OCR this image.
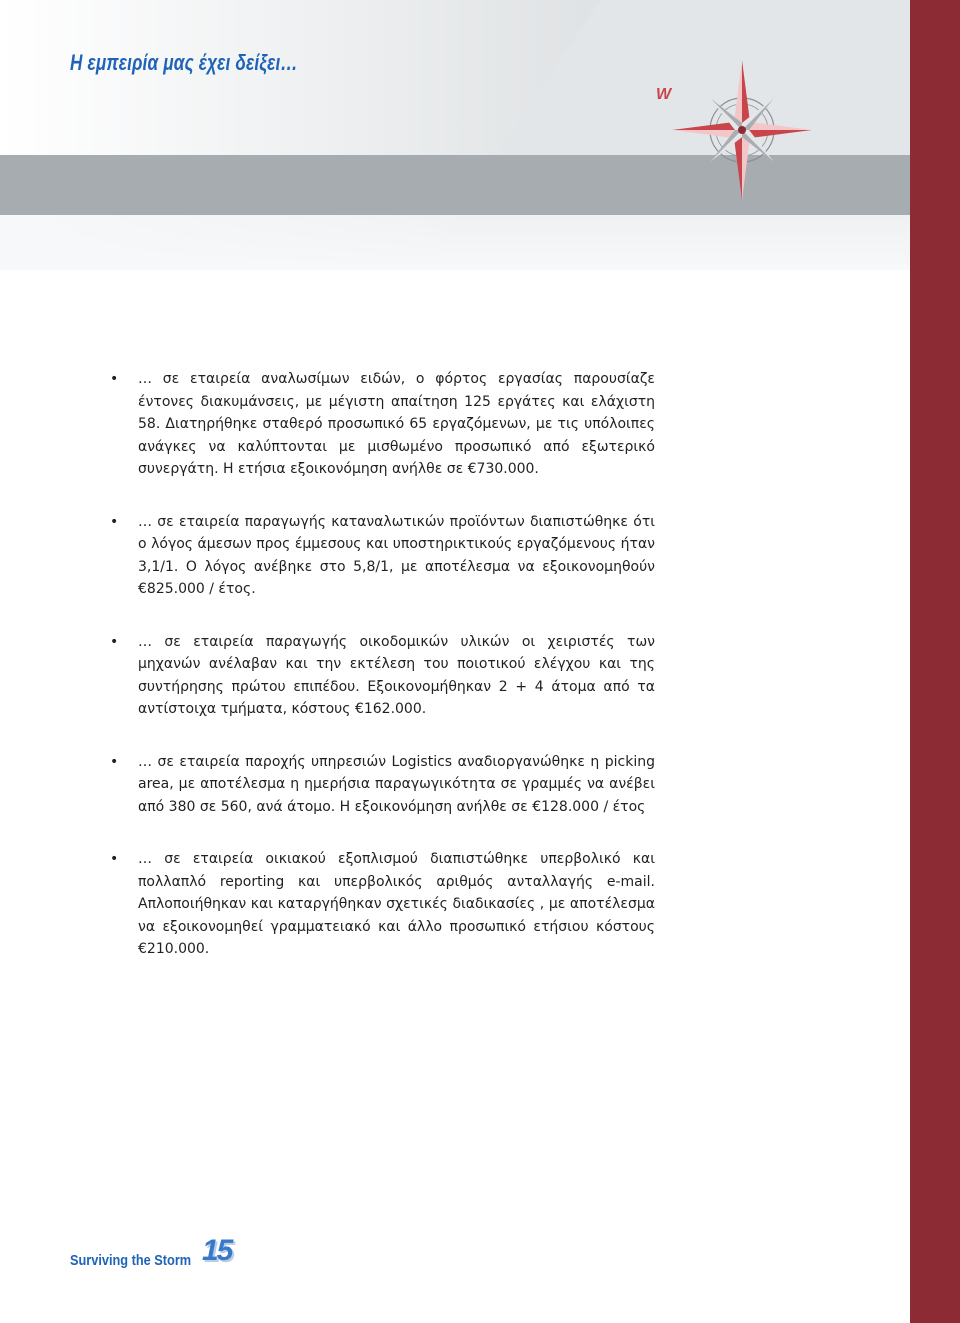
Η εμπειρία μας έχει δείξει…
W
• … σε εταιρεία αναλωσίμων ειδών, ο φόρτος εργασίας παρουσίαζε έντονες διακυμάνσεις, με μέγιστη απαίτηση 125 εργάτες και ελάχιστη 58. Διατηρήθηκε σταθερό προσωπικό 65 εργαζόμενων, με τις υπόλοιπες ανάγκες να καλύπτονται με μισθωμένο προσωπικό από εξωτερικό συνεργάτη. Η ετήσια εξοικονόμηση ανήλθε σε €730.000.
• … σε εταιρεία παραγωγής καταναλωτικών προϊόντων διαπιστώθηκε ότι ο λόγος άμεσων προς έμμεσους και υποστηρικτικούς εργαζόμενους ήταν 3,1/1. Ο λόγος ανέβηκε στο 5,8/1, με αποτέλεσμα να εξοικονομηθούν €825.000 / έτος.
• … σε εταιρεία παραγωγής οικοδομικών υλικών οι χειριστές των μηχανών ανέλαβαν και την εκτέλεση του ποιοτικού ελέγχου και της συντήρησης πρώτου επιπέδου. Εξοικονομήθηκαν 2 + 4 άτομα από τα αντίστοιχα τμήματα, κόστους €162.000.
• … σε εταιρεία παροχής υπηρεσιών Logistics αναδιοργανώθηκε η picking area, με αποτέλεσμα η ημερήσια παραγωγικότητα σε γραμμές να ανέβει από 380 σε 560, ανά άτομο. Η εξοικονόμηση ανήλθε σε €128.000 / έτος
• … σε εταιρεία οικιακού εξοπλισμού διαπιστώθηκε υπερβολικό και πολλαπλό reporting και υπερβολικός αριθμός ανταλλαγής e-mail. Απλοποιήθηκαν και καταργήθηκαν σχετικές διαδικασίες , με αποτέλεσμα να εξοικονομηθεί γραμματειακό και άλλο προσωπικό ετήσιου κόστους €210.000.
Surviving the Storm 15
